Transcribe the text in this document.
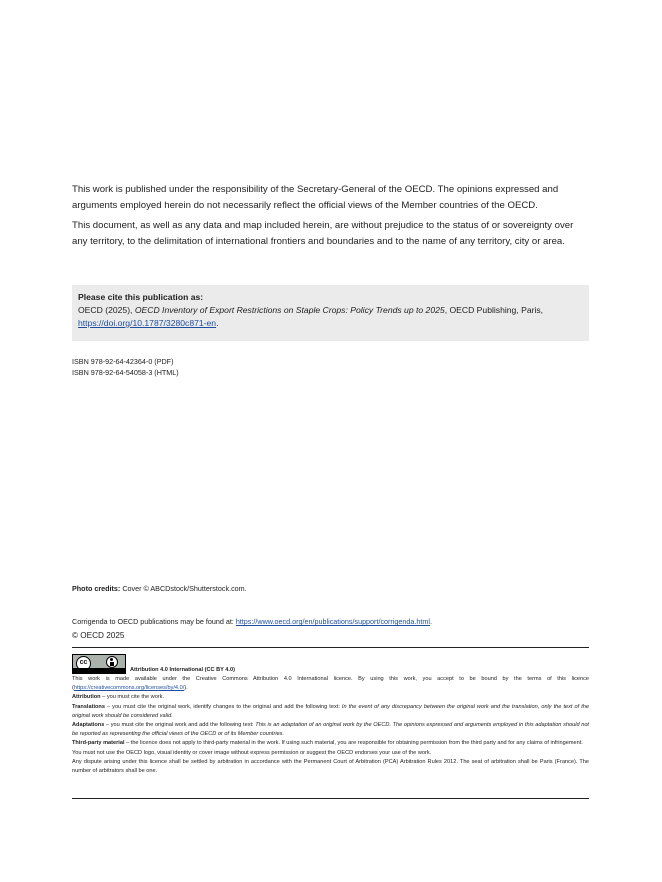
This work is published under the responsibility of the Secretary-General of the OECD. The opinions expressed and arguments employed herein do not necessarily reflect the official views of the Member countries of the OECD.

This document, as well as any data and map included herein, are without prejudice to the status of or sovereignty over any territory, to the delimitation of international frontiers and boundaries and to the name of any territory, city or area.

Please cite this publication as:
OECD (2025), OECD Inventory of Export Restrictions on Staple Crops: Policy Trends up to 2025, OECD Publishing, Paris,
https://doi.org/10.1787/3280c871-en.
ISBN 978-92-64-42364-0 (PDF)
ISBN 978-92-64-54058-3 (HTML)
Photo credits: Cover © ABCDstock/Shutterstock.com.
Corrigenda to OECD publications may be found at: https://www.oecd.org/en/publications/support/corrigenda.html.
© OECD 2025
cc
Attribution 4.0 International (CC BY 4.0)

This work is made available under the Creative Commons Attribution 4.0 International licence. By using this work, you accept to be bound by the terms of this licence (https://creativecommons.org/licenses/by/4.0/).

Attribution – you must cite the work.

Translations – you must cite the original work, identify changes to the original and add the following text: In the event of any discrepancy between the original work and the translation, only the text of the original work should be considered valid.

Adaptations – you must cite the original work and add the following text: This is an adaptation of an original work by the OECD. The opinions expressed and arguments employed in this adaptation should not be reported as representing the official views of the OECD or of its Member countries.

Third-party material – the licence does not apply to third-party material in the work. If using such material, you are responsible for obtaining permission from the third party and for any claims of infringement.

You must not use the OECD logo, visual identity or cover image without express permission or suggest the OECD endorses your use of the work.

Any dispute arising under this licence shall be settled by arbitration in accordance with the Permanent Court of Arbitration (PCA) Arbitration Rules 2012. The seat of arbitration shall be Paris (France). The number of arbitrators shall be one.
